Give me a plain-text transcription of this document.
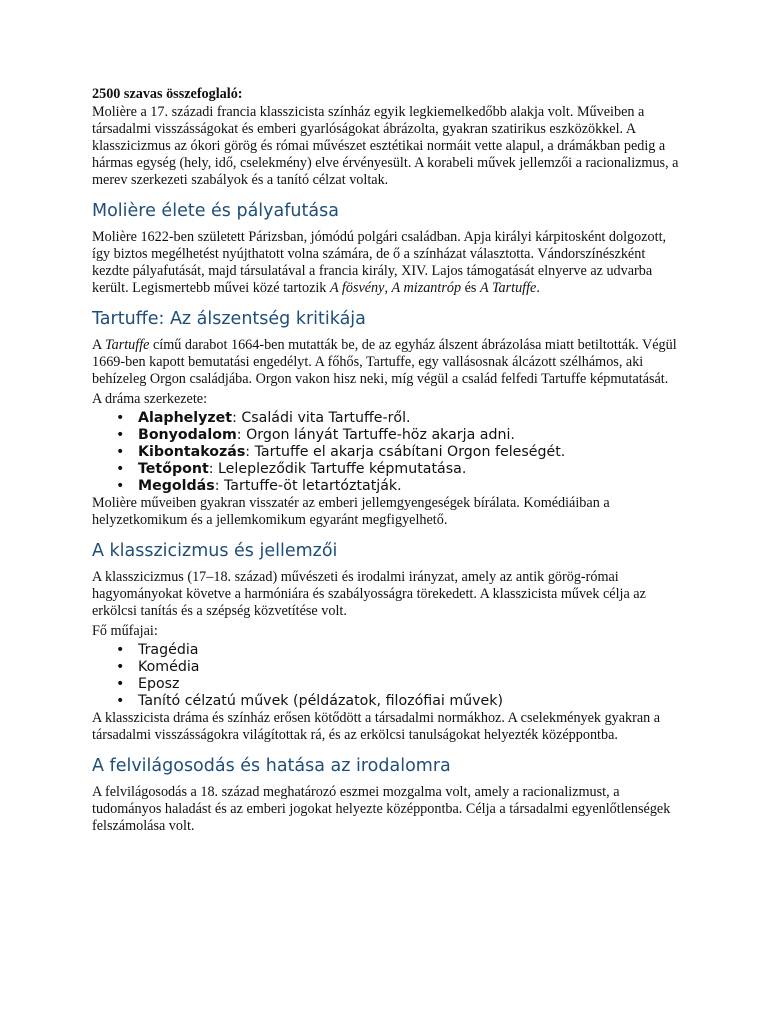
2500 szavas összefoglaló:

Molière a 17. századi francia klasszicista színház egyik legkiemelkedőbb alakja volt. Műveiben a társadalmi visszásságokat és emberi gyarlóságokat ábrázolta, gyakran szatirikus eszközökkel. A klasszicizmus az ókori görög és római művészet esztétikai normáit vette alapul, a drámákban pedig a hármas egység (hely, idő, cselekmény) elve érvényesült. A korabeli művek jellemzői a racionalizmus, a merev szerkezeti szabályok és a tanító célzat voltak.

Molière élete és pályafutása

Molière 1622-ben született Párizsban, jómódú polgári családban. Apja királyi kárpitosként dolgozott, így biztos megélhetést nyújthatott volna számára, de ő a színházat választotta. Vándorszínészként kezdte pályafutását, majd társulatával a francia király, XIV. Lajos támogatását elnyerve az udvarba került. Legismertebb művei közé tartozik A fösvény, A mizantróp és A Tartuffe.

Tartuffe: Az álszentség kritikája

A Tartuffe című darabot 1664-ben mutatták be, de az egyház álszent ábrázolása miatt betiltották. Végül 1669-ben kapott bemutatási engedélyt. A főhős, Tartuffe, egy vallásosnak álcázott szélhámos, aki behízeleg Orgon családjába. Orgon vakon hisz neki, míg végül a család felfedi Tartuffe képmutatását.

A dráma szerkezete:

• Alaphelyzet: Családi vita Tartuffe-ről.
• Bonyodalom: Orgon lányát Tartuffe-höz akarja adni.
• Kibontakozás: Tartuffe el akarja csábítani Orgon feleségét.
• Tetőpont: Lelepleződik Tartuffe képmutatása.
• Megoldás: Tartuffe-öt letartóztatják.

Molière műveiben gyakran visszatér az emberi jellemgyengeségek bírálata. Komédiáiban a helyzetkomikum és a jellemkomikum egyaránt megfigyelhető.

A klasszicizmus és jellemzői

A klasszicizmus (17–18. század) művészeti és irodalmi irányzat, amely az antik görög-római hagyományokat követve a harmóniára és szabályosságra törekedett. A klasszicista művek célja az erkölcsi tanítás és a szépség közvetítése volt.

Fő műfajai:

• Tragédia
• Komédia
• Eposz
• Tanító célzatú művek (példázatok, filozófiai művek)

A klasszicista dráma és színház erősen kötődött a társadalmi normákhoz. A cselekmények gyakran a társadalmi visszásságokra világítottak rá, és az erkölcsi tanulságokat helyezték középpontba.

A felvilágosodás és hatása az irodalomra

A felvilágosodás a 18. század meghatározó eszmei mozgalma volt, amely a racionalizmust, a tudományos haladást és az emberi jogokat helyezte középpontba. Célja a társadalmi egyenlőtlenségek felszámolása volt.
